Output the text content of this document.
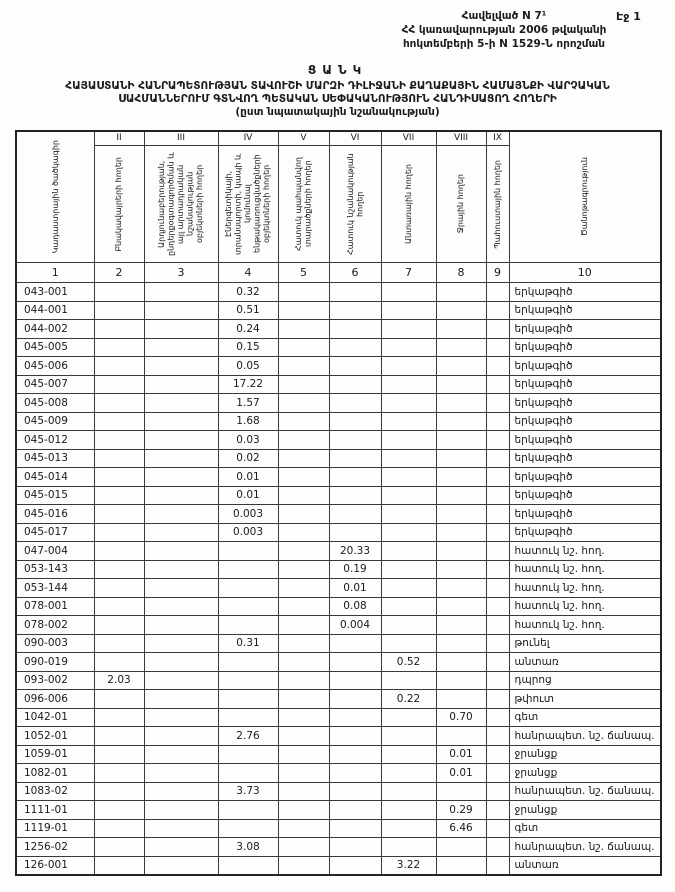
Էջ 1
Հավելված N 7¹
ՀՀ կառավարության 2006 թվականի
հոկտեմբերի 5-ի N 1529-Ն որոշման
ՑԱՆԿ
ՀԱՅԱՍՏԱՆԻ ՀԱՆՐԱՊԵՏՈՒԹՅԱՆ ՏԱՎՈՒՇԻ ՄԱՐԶԻ ԴԻԼԻՋԱՆԻ ՔԱՂԱՔԱՅԻՆ ՀԱՄԱՅՆՔԻ ՎԱՐՉԱԿԱՆ
ՍԱՀՄԱՆՆԵՐՈՒՄ ԳՏՆՎՈՂ ՊԵՏԱԿԱՆ ՍԵՓԱԿԱՆՈՒԹՅՈՒՆ ՀԱՆԴԻՍԱՑՈՂ ՀՈՂԵՐԻ
(ըստ նպատակային նշանակության)
Կադաստրային ծածկագիր	II	III	IV	V	VI	VII	VIII	IX	Ծանոթագրություն

	Բնակավայրերի հողեր	Արդյունաբերության, ընդերքօգտագործման և այլ արտադրական նշանակության օբյեկտների հողեր	Էներգետիկայի, տրանսպորտի, կապի և կոմունալ ենթակառուցվածքների օբյեկտների հողեր	Հատուկ պահպանվող տարածքների հողեր	Հատուկ նշանակության հողեր	Անտառային հողեր	Ջրային հողեր	Պահուստային հողեր	

1	2	3	4	5	6	7	8	9	10
043-001			0.32						երկաթգիծ
044-001			0.51						երկաթգիծ
044-002			0.24						երկաթգիծ
045-005			0.15						երկաթգիծ
045-006			0.05						երկաթգիծ
045-007			17.22						երկաթգիծ
045-008			1.57						երկաթգիծ
045-009			1.68						երկաթգիծ
045-012			0.03						երկաթգիծ
045-013			0.02						երկաթգիծ
045-014			0.01						երկաթգիծ
045-015			0.01						երկաթգիծ
045-016			0.003						երկաթգիծ
045-017			0.003						երկաթգիծ
047-004					20.33				հատուկ նշ. հող.
053-143					0.19				հատուկ նշ. հող.
053-144					0.01				հատուկ նշ. հող.
078-001					0.08				հատուկ նշ. հող.
078-002					0.004				հատուկ նշ. հող.
090-003			0.31						թունել
090-019						0.52			անտառ
093-002	2.03								դպրոց
096-006						0.22			թփուտ
1042-01							0.70		գետ
1052-01			2.76						հանրապետ. նշ. ճանապ.
1059-01							0.01		ջրանցք
1082-01							0.01		ջրանցք
1083-02			3.73						հանրապետ. նշ. ճանապ.
1111-01							0.29		ջրանցք
1119-01							6.46		գետ
1256-02			3.08						հանրապետ. նշ. ճանապ.
126-001						3.22			անտառ
